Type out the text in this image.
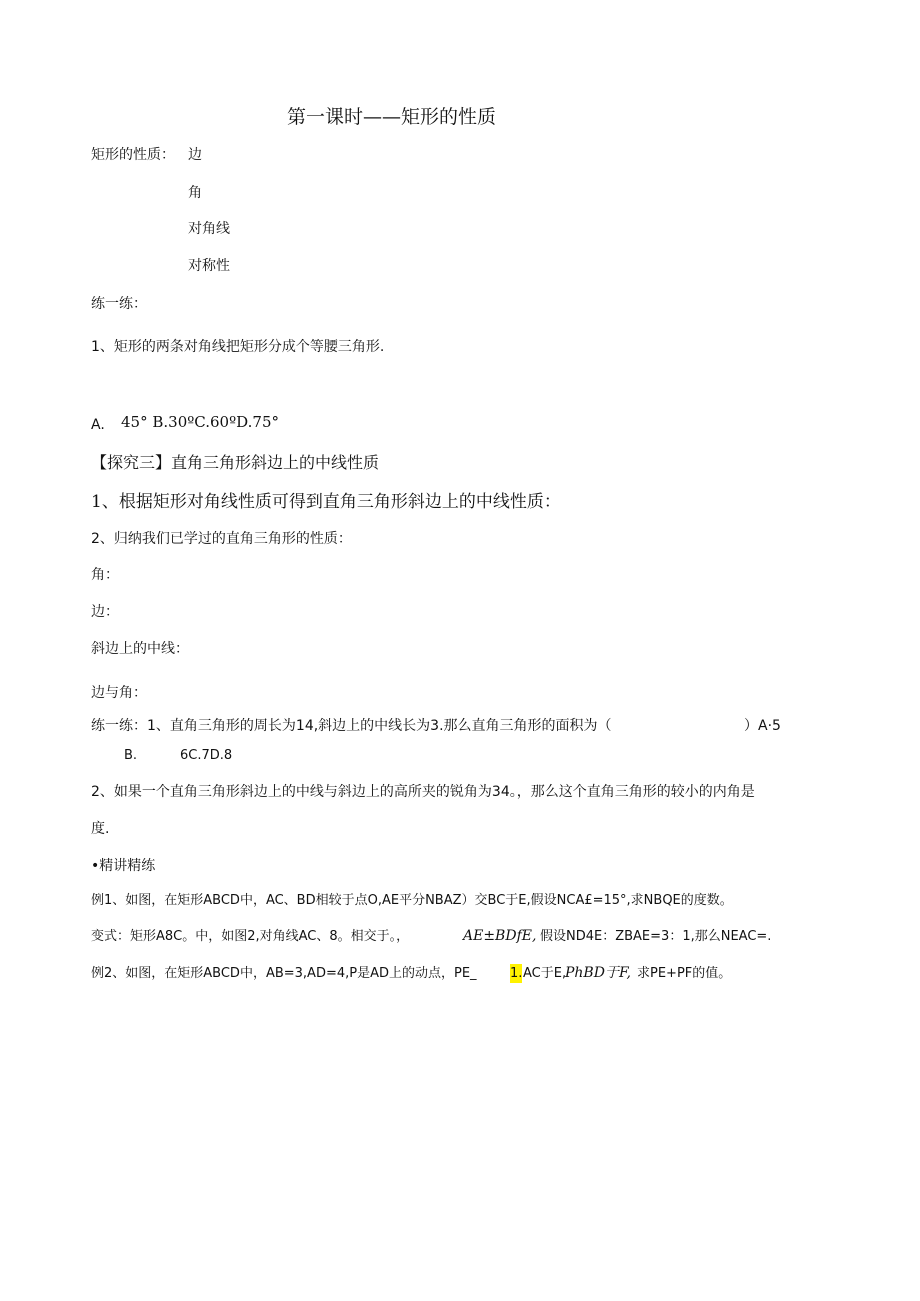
第一课时——矩形的性质
矩形的性质： 边
角
对角线
对称性
练一练：
1、矩形的两条对角线把矩形分成个等腰三角形.
A. 45° B.30ºC.60ºD.75°
【探究三】直角三角形斜边上的中线性质
1、根据矩形对角线性质可得到直角三角形斜边上的中线性质：
2、归纳我们已学过的直角三角形的性质：
角：
边：
斜边上的中线：
边与角：
练一练：1、直角三角形的周长为14,斜边上的中线长为3.那么直角三角形的面积为（	）A·5
B.	6C.7D.8
2、如果一个直角三角形斜边上的中线与斜边上的高所夹的锐角为34。，那么这个直角三角形的较小的内角是
度.
•精讲精练
例1、如图，在矩形ABCD中，AC、BD相较于点O,AE平分NBAZ）交BC于E,假设NCA£=15°,求NBQE的度数。
变式：矩形A8C。中，如图2,对角线AC、8。相交于。，	AE±BDfE, 假设ND4E：ZBAE=3：1,那么NEAC=.
例2、如图，在矩形ABCD中，AB=3,AD=4,P是AD上的动点，PE_	1. AC于E,
PhBD于F, 求PE+PF的值。
